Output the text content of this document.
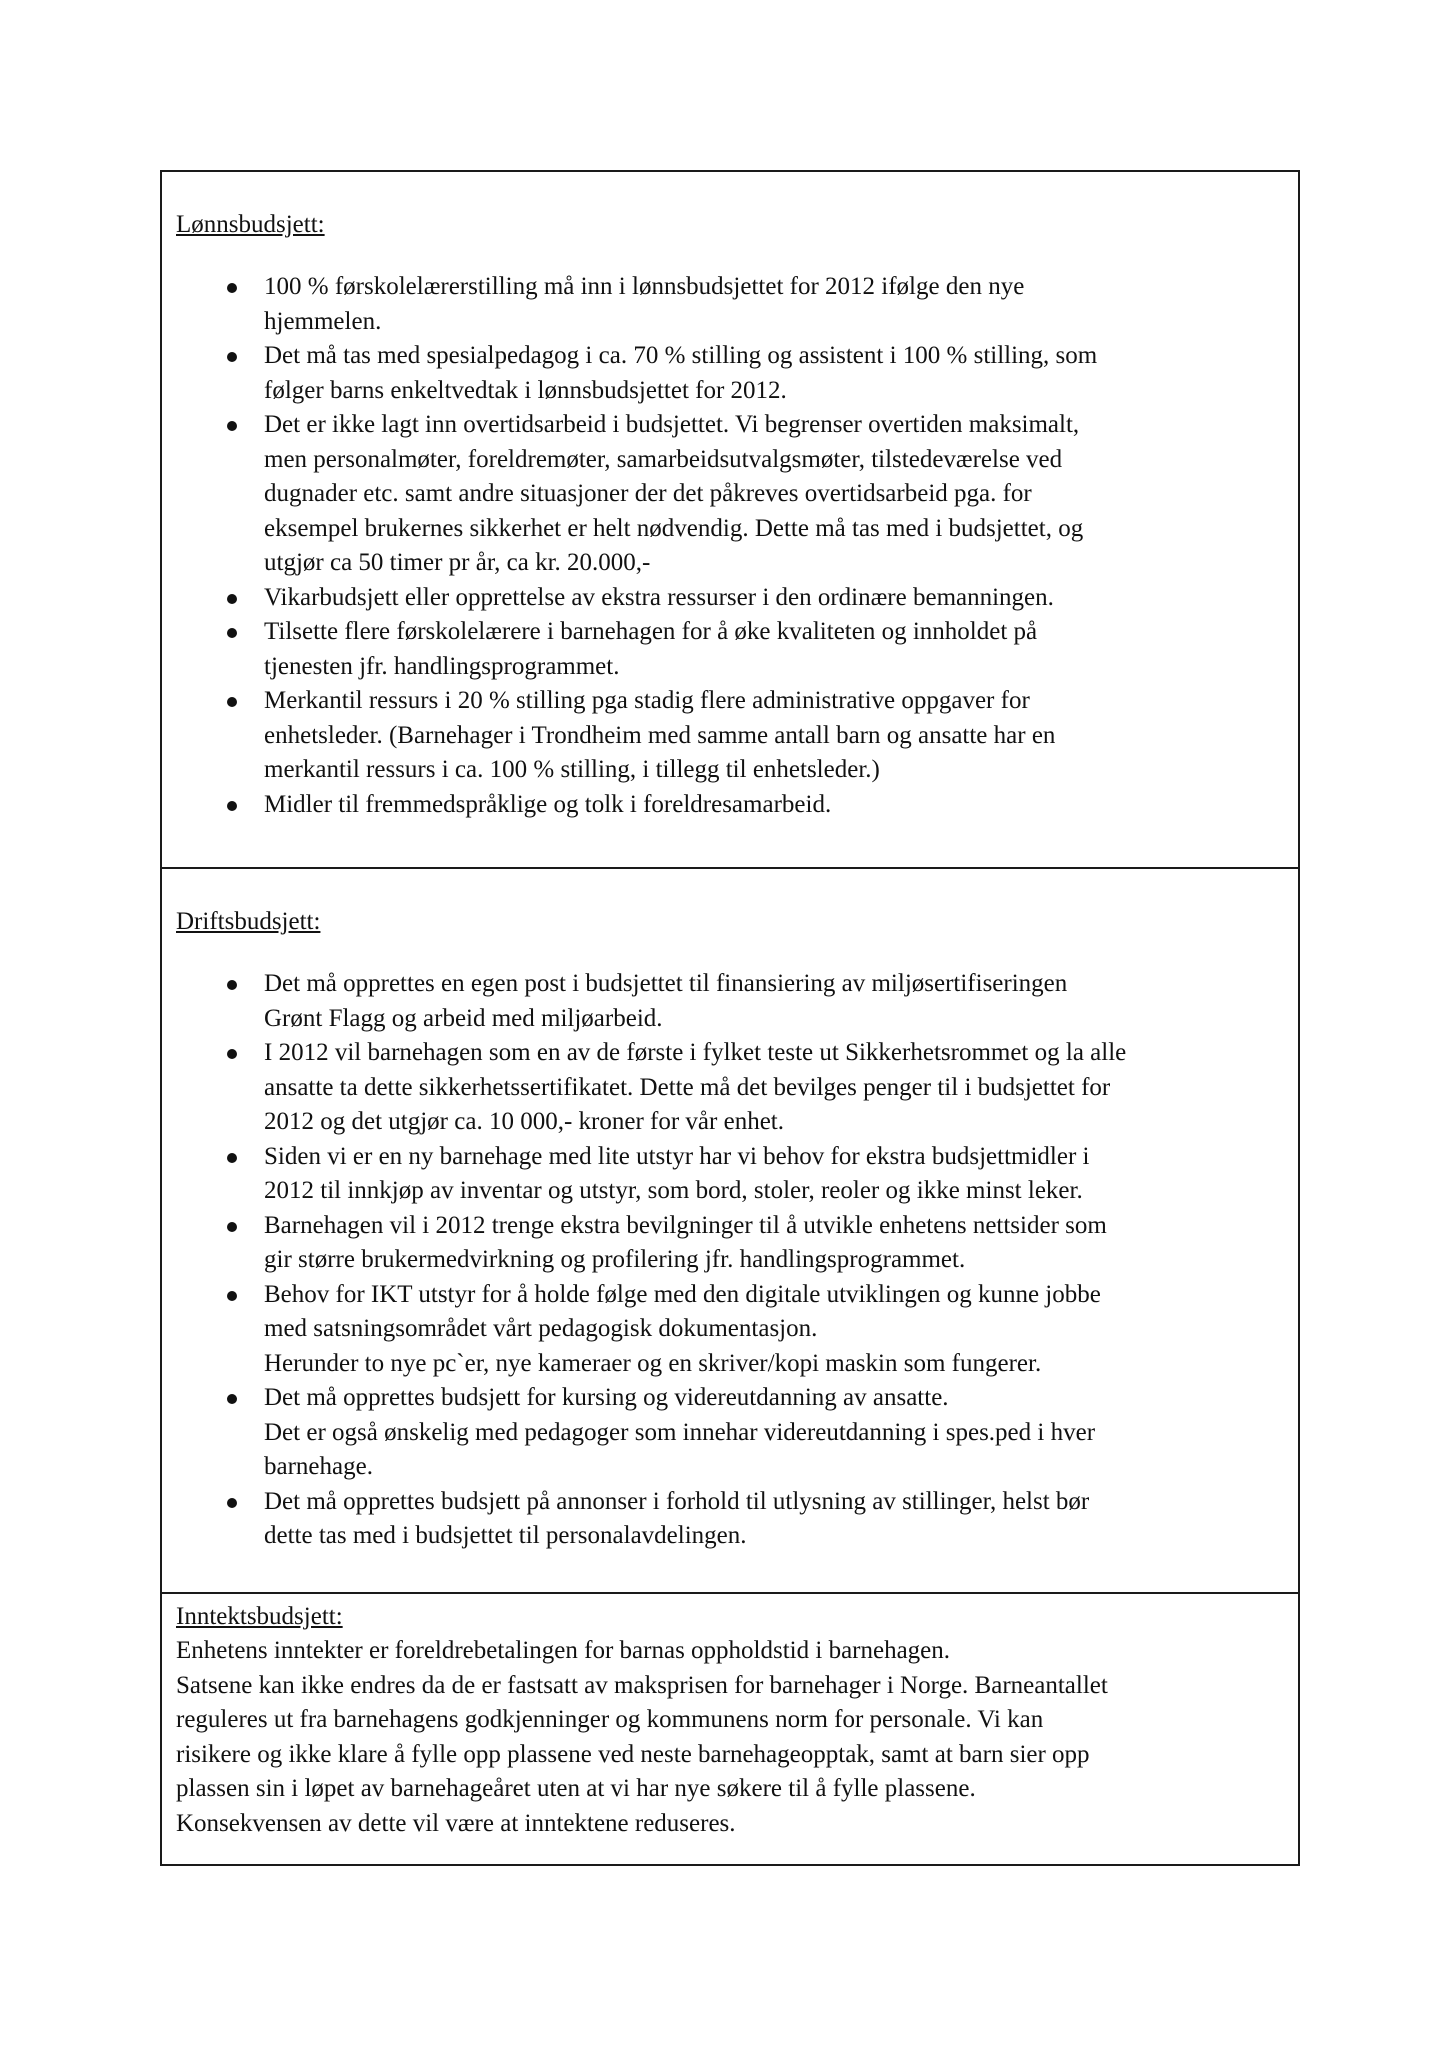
Lønnsbudsjett:
100 % førskolelærerstilling må inn i lønnsbudsjettet for 2012 ifølge den nye
hjemmelen.
Det må tas med spesialpedagog i ca. 70 % stilling og assistent i 100 % stilling, som
følger barns enkeltvedtak i lønnsbudsjettet for 2012.
Det er ikke lagt inn overtidsarbeid i budsjettet. Vi begrenser overtiden maksimalt,
men personalmøter, foreldremøter, samarbeidsutvalgsmøter, tilstedeværelse ved
dugnader etc. samt andre situasjoner der det påkreves overtidsarbeid pga. for
eksempel brukernes sikkerhet er helt nødvendig. Dette må tas med i budsjettet, og
utgjør ca 50 timer pr år, ca kr. 20.000,-
Vikarbudsjett eller opprettelse av ekstra ressurser i den ordinære bemanningen.
Tilsette flere førskolelærere i barnehagen for å øke kvaliteten og innholdet på
tjenesten jfr. handlingsprogrammet.
Merkantil ressurs i 20 % stilling pga stadig flere administrative oppgaver for
enhetsleder. (Barnehager i Trondheim med samme antall barn og ansatte har en
merkantil ressurs i ca. 100 % stilling, i tillegg til enhetsleder.)
Midler til fremmedspråklige og tolk i foreldresamarbeid.
Driftsbudsjett:
Det må opprettes en egen post i budsjettet til finansiering av miljøsertifiseringen
Grønt Flagg og arbeid med miljøarbeid.
I 2012 vil barnehagen som en av de første i fylket teste ut Sikkerhetsrommet og la alle
ansatte ta dette sikkerhetssertifikatet. Dette må det bevilges penger til i budsjettet for
2012 og det utgjør ca. 10 000,- kroner for vår enhet.
Siden vi er en ny barnehage med lite utstyr har vi behov for ekstra budsjettmidler i
2012 til innkjøp av inventar og utstyr, som bord, stoler, reoler og ikke minst leker.
Barnehagen vil i 2012 trenge ekstra bevilgninger til å utvikle enhetens nettsider som
gir større brukermedvirkning og profilering jfr. handlingsprogrammet.
Behov for IKT utstyr for å holde følge med den digitale utviklingen og kunne jobbe
med satsningsområdet vårt pedagogisk dokumentasjon.
Herunder to nye pc`er, nye kameraer og en skriver/kopi maskin som fungerer.
Det må opprettes budsjett for kursing og videreutdanning av ansatte.
Det er også ønskelig med pedagoger som innehar videreutdanning i spes.ped i hver
barnehage.
Det må opprettes budsjett på annonser i forhold til utlysning av stillinger, helst bør
dette tas med i budsjettet til personalavdelingen.
Inntektsbudsjett:
Enhetens inntekter er foreldrebetalingen for barnas oppholdstid i barnehagen.
Satsene kan ikke endres da de er fastsatt av maksprisen for barnehager i Norge. Barneantallet
reguleres ut fra barnehagens godkjenninger og kommunens norm for personale. Vi kan
risikere og ikke klare å fylle opp plassene ved neste barnehageopptak, samt at barn sier opp
plassen sin i løpet av barnehageåret uten at vi har nye søkere til å fylle plassene.
Konsekvensen av dette vil være at inntektene reduseres.
